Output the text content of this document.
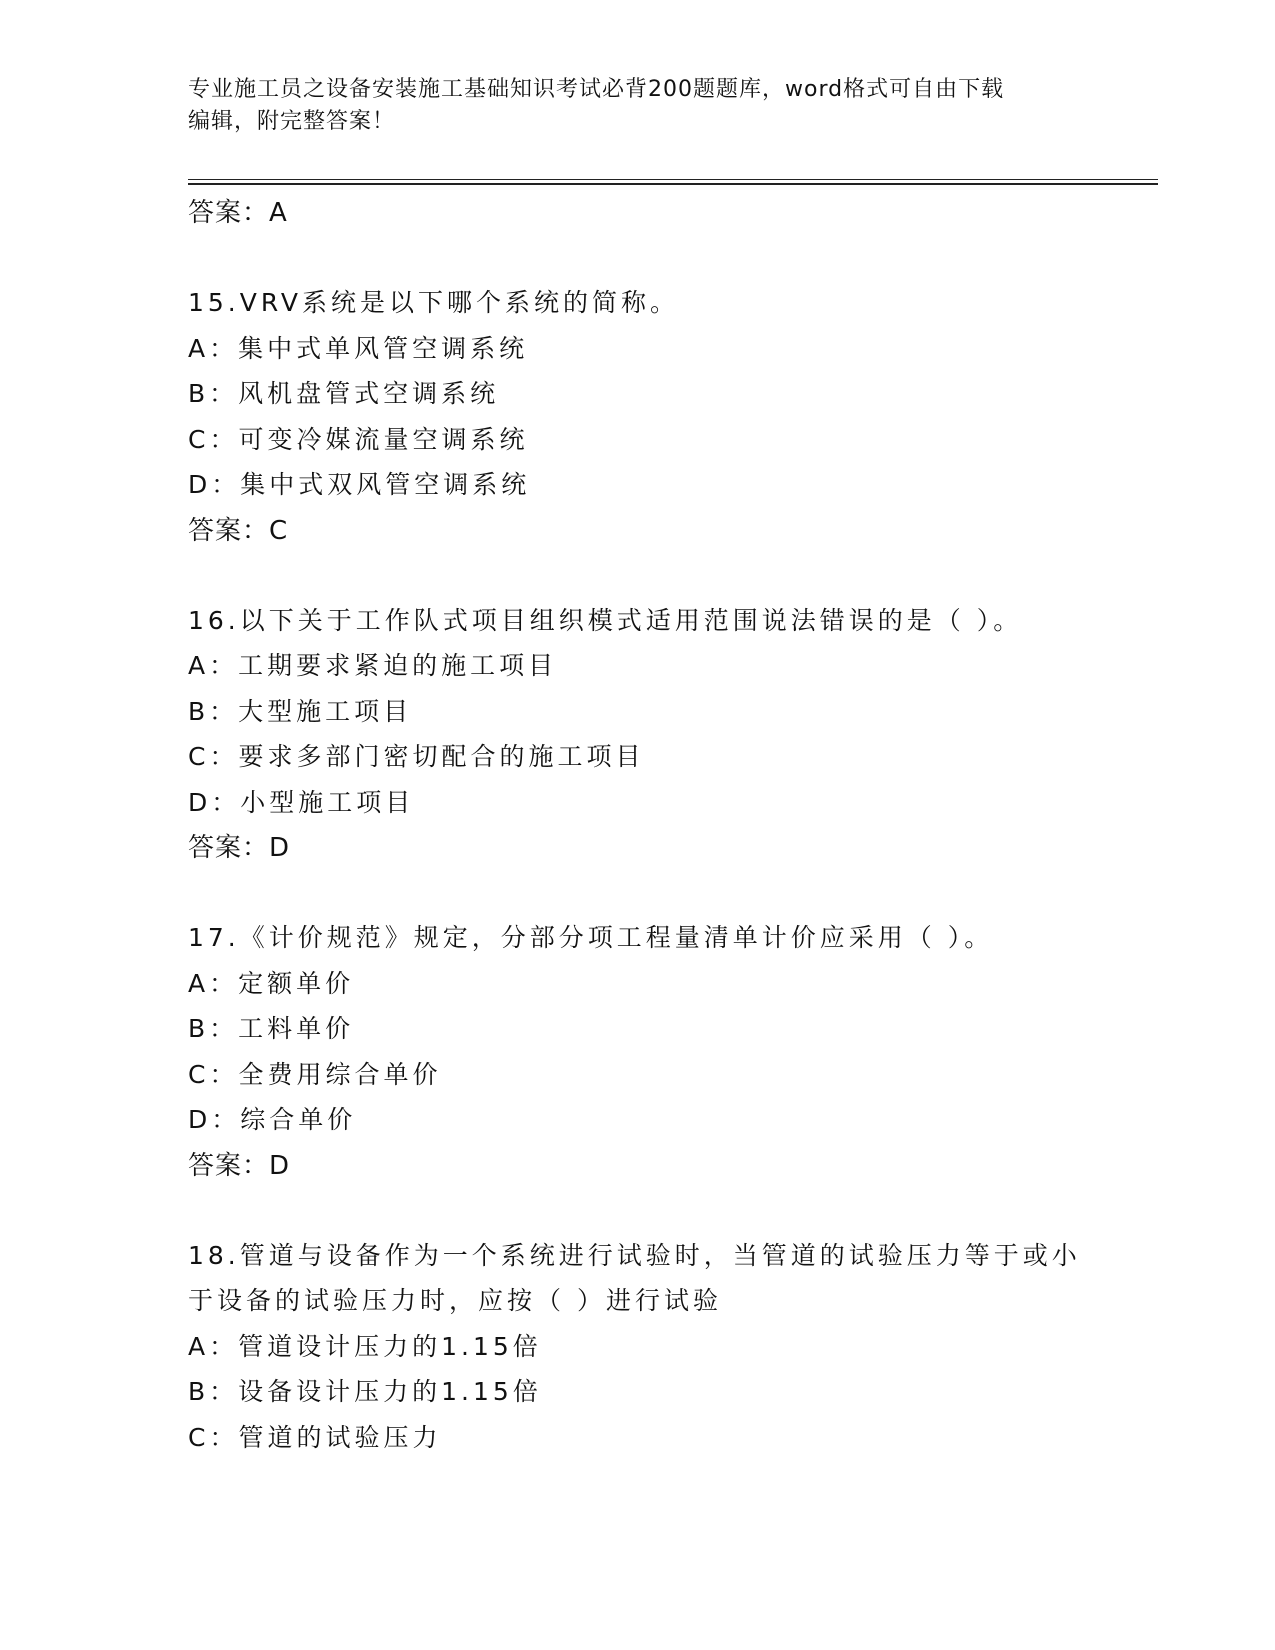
专业施工员之设备安装施工基础知识考试必背200题题库，word格式可自由下载
编辑，附完整答案！
答案：A
15.VRV系统是以下哪个系统的简称。
A：集中式单风管空调系统
B：风机盘管式空调系统
C：可变冷媒流量空调系统
D：集中式双风管空调系统
答案：C
16.以下关于工作队式项目组织模式适用范围说法错误的是（ ）。
A：工期要求紧迫的施工项目
B：大型施工项目
C：要求多部门密切配合的施工项目
D：小型施工项目
答案：D
17.《计价规范》规定，分部分项工程量清单计价应采用（ ）。
A：定额单价
B：工料单价
C：全费用综合单价
D：综合单价
答案：D
18.管道与设备作为一个系统进行试验时，当管道的试验压力等于或小
于设备的试验压力时，应按（ ）进行试验
A：管道设计压力的1.15倍
B：设备设计压力的1.15倍
C：管道的试验压力
